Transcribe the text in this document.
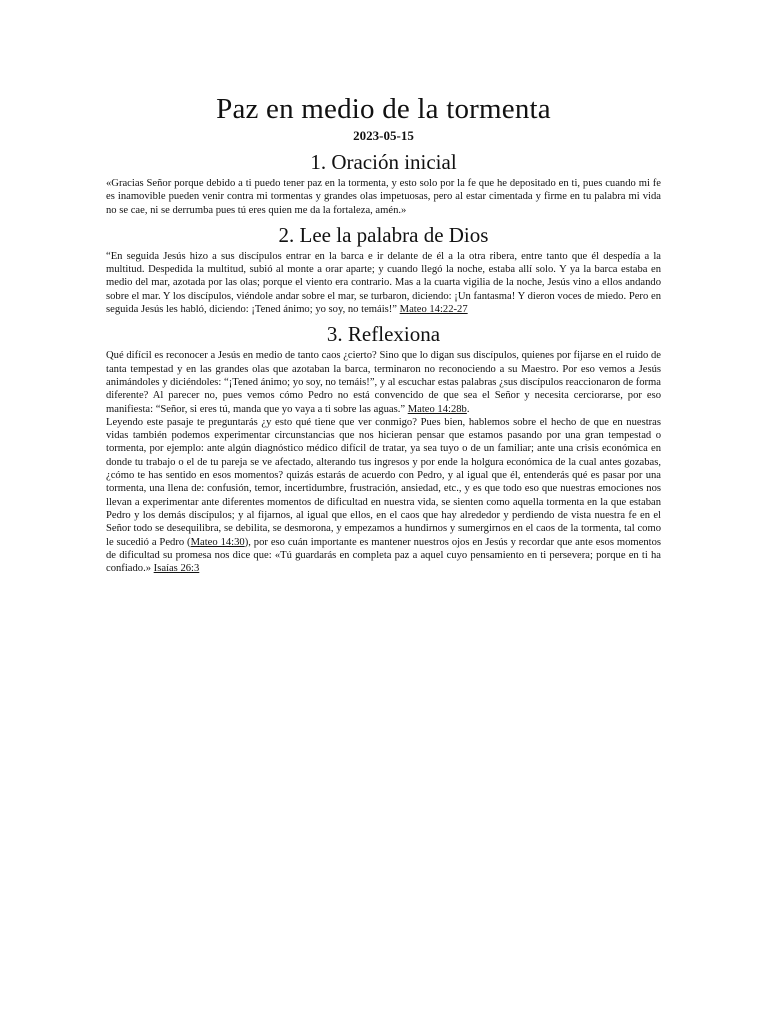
Paz en medio de la tormenta
2023-05-15
1. Oración inicial

«Gracias Señor porque debido a ti puedo tener paz en la tormenta, y esto solo por la fe que he depositado en ti, pues cuando mi fe es inamovible pueden venir contra mi tormentas y grandes olas impetuosas, pero al estar cimentada y firme en tu palabra mi vida no se cae, ni se derrumba pues tú eres quien me da la fortaleza, amén.»

2. Lee la palabra de Dios

“En seguida Jesús hizo a sus discípulos entrar en la barca e ir delante de él a la otra ribera, entre tanto que él despedía a la multitud. Despedida la multitud, subió al monte a orar aparte; y cuando llegó la noche, estaba allí solo. Y ya la barca estaba en medio del mar, azotada por las olas; porque el viento era contrario. Mas a la cuarta vigilia de la noche, Jesús vino a ellos andando sobre el mar. Y los discípulos, viéndole andar sobre el mar, se turbaron, diciendo: ¡Un fantasma! Y dieron voces de miedo. Pero en seguida Jesús les habló, diciendo: ¡Tened ánimo; yo soy, no temáis!” Mateo 14:22-27

3. Reflexiona

Qué difícil es reconocer a Jesús en medio de tanto caos ¿cierto? Sino que lo digan sus discípulos, quienes por fijarse en el ruido de tanta tempestad y en las grandes olas que azotaban la barca, terminaron no reconociendo a su Maestro. Por eso vemos a Jesús animándoles y diciéndoles: “¡Tened ánimo; yo soy, no temáis!”, y al escuchar estas palabras ¿sus discípulos reaccionaron de forma diferente? Al parecer no, pues vemos cómo Pedro no está convencido de que sea el Señor y necesita cerciorarse, por eso manifiesta: “Señor, si eres tú, manda que yo vaya a ti sobre las aguas.” Mateo 14:28b.

Leyendo este pasaje te preguntarás ¿y esto qué tiene que ver conmigo? Pues bien, hablemos sobre el hecho de que en nuestras vidas también podemos experimentar circunstancias que nos hicieran pensar que estamos pasando por una gran tempestad o tormenta, por ejemplo: ante algún diagnóstico médico difícil de tratar, ya sea tuyo o de un familiar; ante una crisis económica en donde tu trabajo o el de tu pareja se ve afectado, alterando tus ingresos y por ende la holgura económica de la cual antes gozabas, ¿cómo te has sentido en esos momentos? quizás estarás de acuerdo con Pedro, y al igual que él, entenderás qué es pasar por una tormenta, una llena de: confusión, temor, incertidumbre, frustración, ansiedad, etc., y es que todo eso que nuestras emociones nos llevan a experimentar ante diferentes momentos de dificultad en nuestra vida, se sienten como aquella tormenta en la que estaban Pedro y los demás discípulos; y al fijarnos, al igual que ellos, en el caos que hay alrededor y perdiendo de vista nuestra fe en el Señor todo se desequilibra, se debilita, se desmorona, y empezamos a hundirnos y sumergirnos en el caos de la tormenta, tal como le sucedió a Pedro (Mateo 14:30), por eso cuán importante es mantener nuestros ojos en Jesús y recordar que ante esos momentos de dificultad su promesa nos dice que: «Tú guardarás en completa paz a aquel cuyo pensamiento en ti persevera; porque en ti ha confiado.» Isaías 26:3
